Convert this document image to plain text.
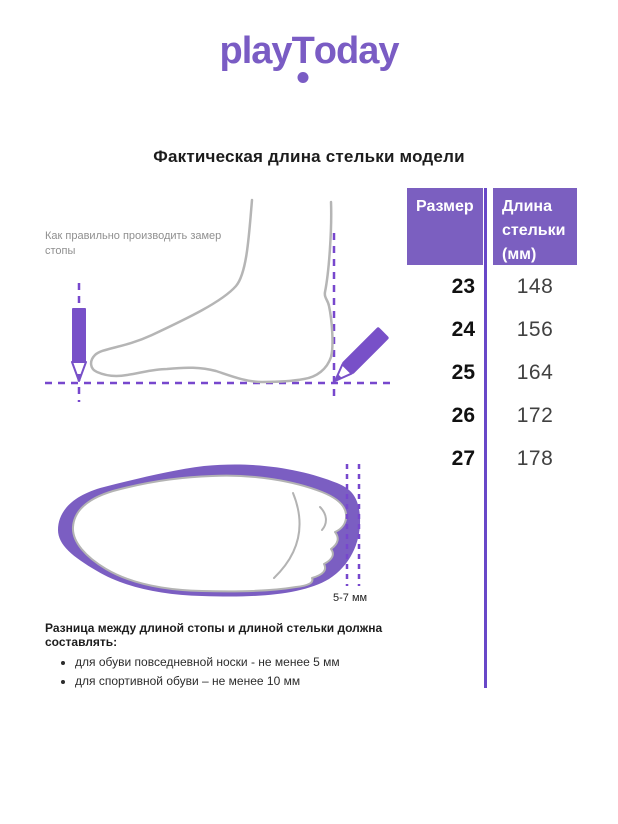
playT
oday
Фактическая длина стельки модели
Как правильно производить замер стопы
Размер	Длина стельки (мм)
23	148
24	156
25	164
26	172
27	178
5-7 мм

Разница между длиной стопы и длиной стельки должна составлять:

• для обуви повседневной носки - не менее 5 мм
• для спортивной обуви – не менее 10 мм
